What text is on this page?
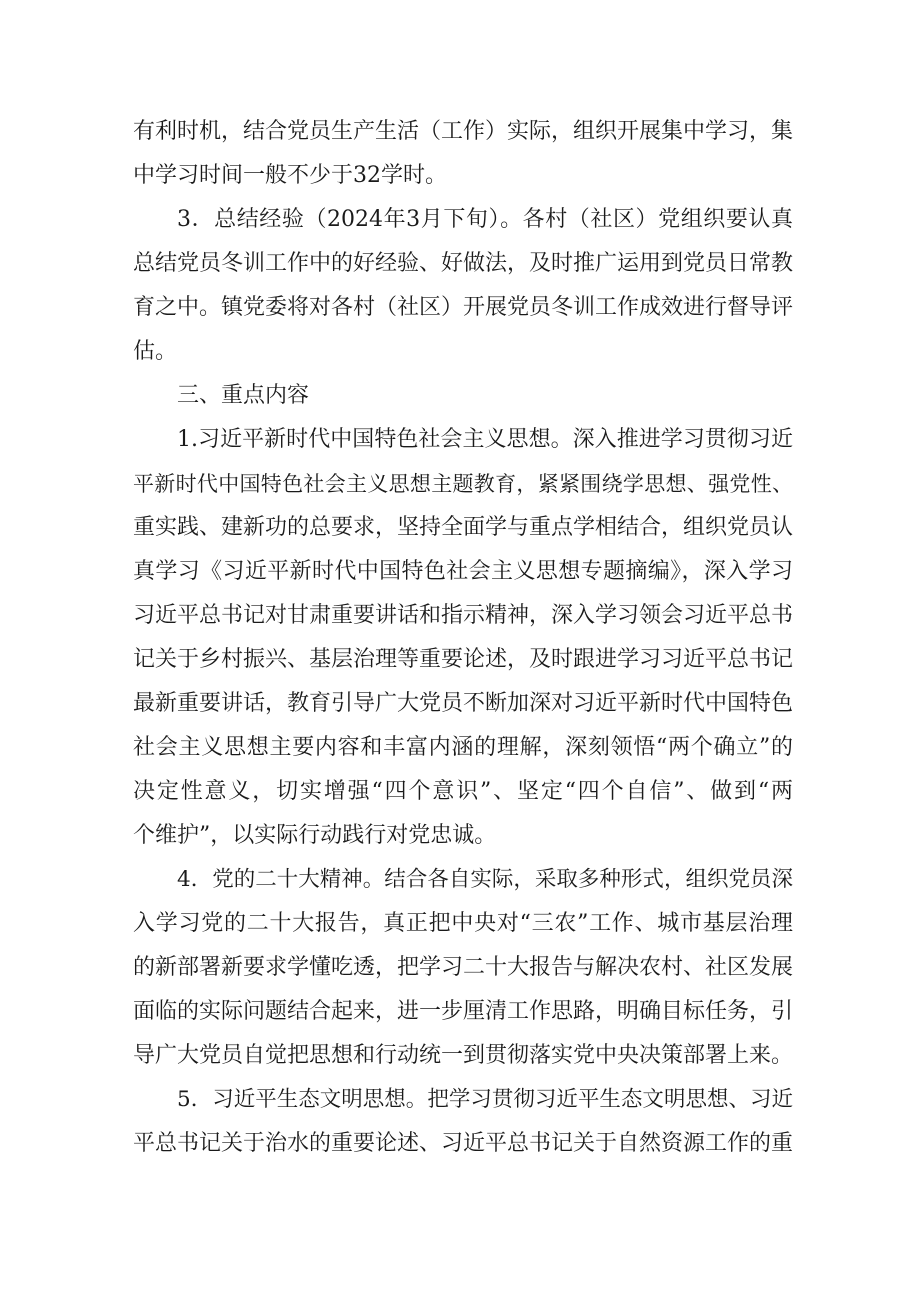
有利时机，结合党员生产生活（工作）实际，组织开展集中学习，集
中学习时间一般不少于32学时。
3．总结经验（2024年3月下旬）。各村（社区）党组织要认真
总结党员冬训工作中的好经验、好做法，及时推广运用到党员日常教
育之中。镇党委将对各村（社区）开展党员冬训工作成效进行督导评
估。
三、重点内容
1.习近平新时代中国特色社会主义思想。深入推进学习贯彻习近
平新时代中国特色社会主义思想主题教育，紧紧围绕学思想、强党性、
重实践、建新功的总要求，坚持全面学与重点学相结合，组织党员认
真学习《习近平新时代中国特色社会主义思想专题摘编》，深入学习
习近平总书记对甘肃重要讲话和指示精神，深入学习领会习近平总书
记关于乡村振兴、基层治理等重要论述，及时跟进学习习近平总书记
最新重要讲话，教育引导广大党员不断加深对习近平新时代中国特色
社会主义思想主要内容和丰富内涵的理解，深刻领悟“两个确立”的
决定性意义，切实增强“四个意识”、坚定“四个自信”、做到“两
个维护”，以实际行动践行对党忠诚。
4．党的二十大精神。结合各自实际，采取多种形式，组织党员深
入学习党的二十大报告，真正把中央对“三农”工作、城市基层治理
的新部署新要求学懂吃透，把学习二十大报告与解决农村、社区发展
面临的实际问题结合起来，进一步厘清工作思路，明确目标任务，引
导广大党员自觉把思想和行动统一到贯彻落实党中央决策部署上来。
5．习近平生态文明思想。把学习贯彻习近平生态文明思想、习近
平总书记关于治水的重要论述、习近平总书记关于自然资源工作的重
